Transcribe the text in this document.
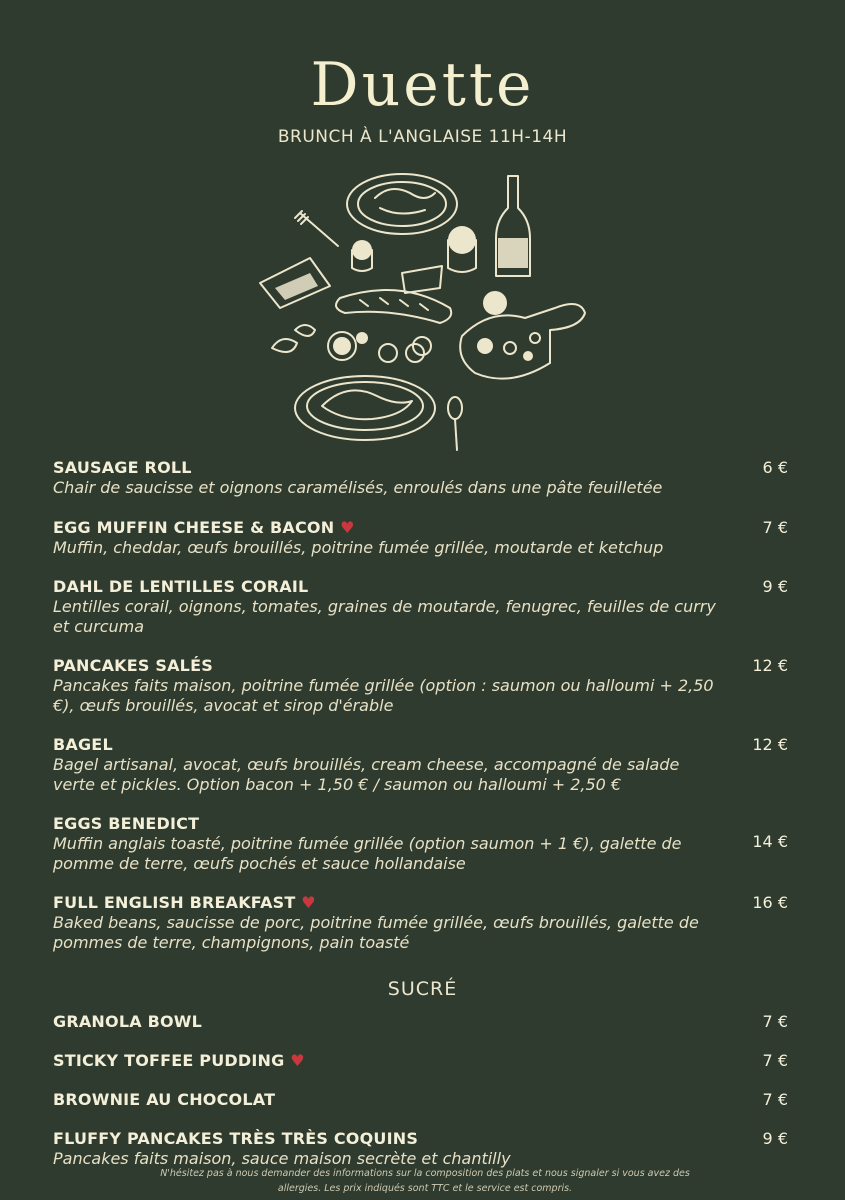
Duette
BRUNCH À L'ANGLAISE 11H-14H
SAUSAGE ROLL
Chair de saucisse et oignons caramélisés, enroulés dans une pâte feuilletée
6 €
EGG MUFFIN CHEESE & BACON ♥
Muffin, cheddar, œufs brouillés, poitrine fumée grillée, moutarde et ketchup
7 €
DAHL DE LENTILLES CORAIL
Lentilles corail, oignons, tomates, graines de moutarde, fenugrec, feuilles de curry et curcuma
9 €
PANCAKES SALÉS
Pancakes faits maison, poitrine fumée grillée (option : saumon ou halloumi + 2,50 €), œufs brouillés, avocat et sirop d'érable
12 €
BAGEL
Bagel artisanal, avocat, œufs brouillés, cream cheese, accompagné de salade verte et pickles. Option bacon + 1,50 € / saumon ou halloumi + 2,50 €
12 €
EGGS BENEDICT
Muffin anglais toasté, poitrine fumée grillée (option saumon + 1 €), galette de pomme de terre, œufs pochés et sauce hollandaise
14 €
FULL ENGLISH BREAKFAST ♥
Baked beans, saucisse de porc, poitrine fumée grillée, œufs brouillés, galette de pommes de terre, champignons, pain toasté
16 €
SUCRÉ
GRANOLA BOWL	7 €
STICKY TOFFEE PUDDING ♥	7 €
BROWNIE AU CHOCOLAT	7 €
FLUFFY PANCAKES TRÈS TRÈS COQUINS
Pancakes faits maison, sauce maison secrète et chantilly
9 €
N'hésitez pas à nous demander des informations sur la composition des plats et nous signaler si vous avez des
allergies. Les prix indiqués sont TTC et le service est compris.
